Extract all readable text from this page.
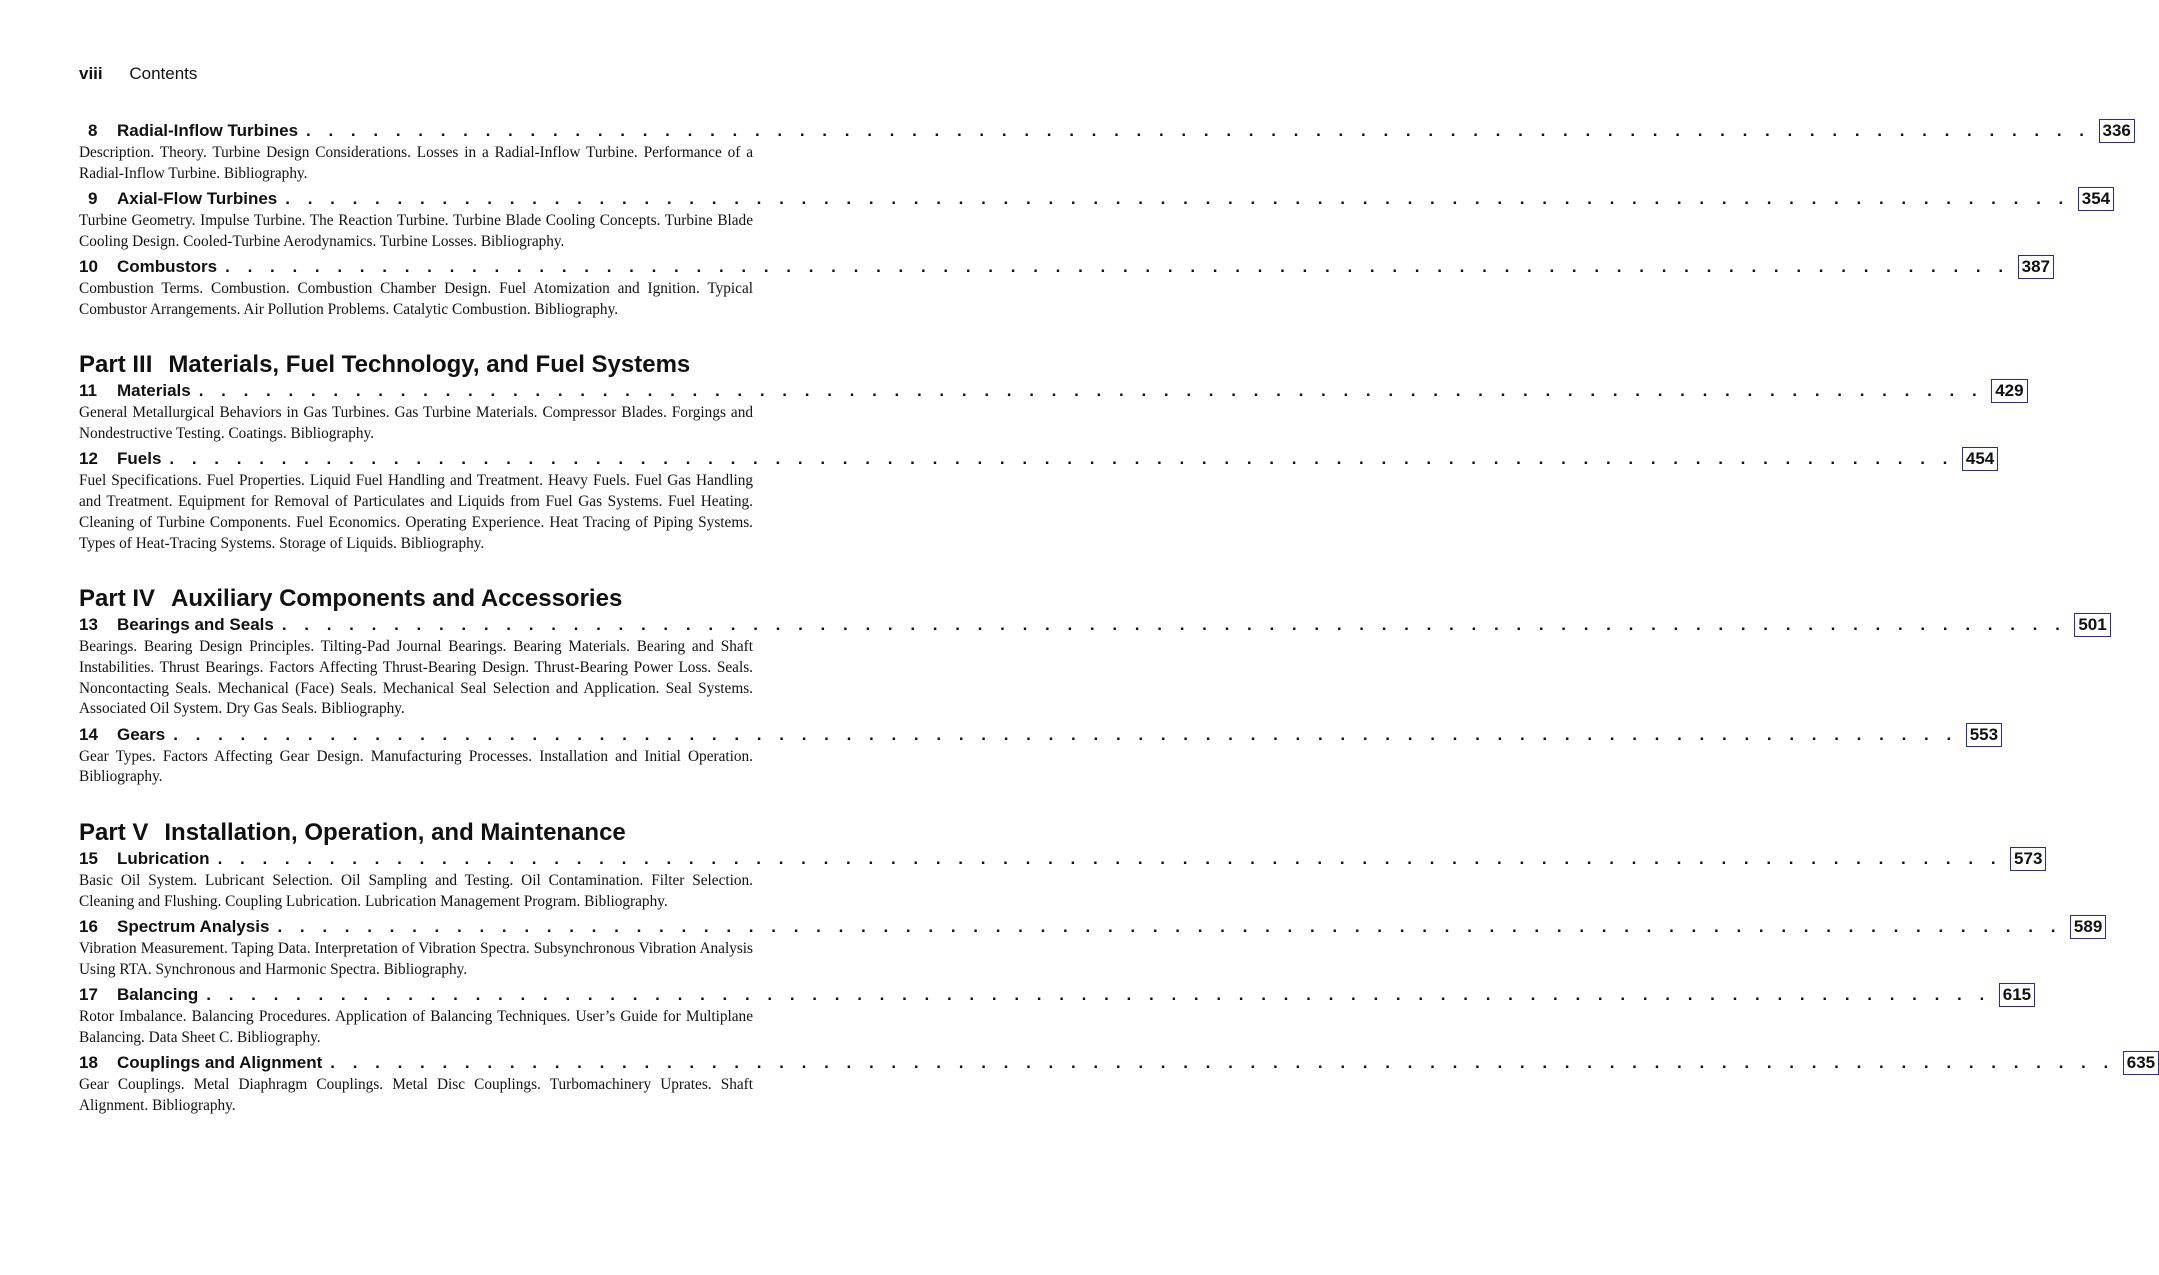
viii Contents
8	Radial-Inflow Turbines . . . . . . . . . . . . . . . . . . . . . . . . . . . . . . . . . . . . . . . . . . . . . . . . . . . . . . . . . . . . . . . . . . . . . . . . . . . . . . . . 336
Description. Theory. Turbine Design Considerations. Losses in a Radial-Inflow Turbine. Performance of a Radial-Inflow Turbine. Bibliography.
9	Axial-Flow Turbines . . . . . . . . . . . . . . . . . . . . . . . . . . . . . . . . . . . . . . . . . . . . . . . . . . . . . . . . . . . . . . . . . . . . . . . . . . . . . . . . 354
Turbine Geometry. Impulse Turbine. The Reaction Turbine. Turbine Blade Cooling Concepts. Turbine Blade Cooling Design. Cooled-Turbine Aerodynamics. Turbine Losses. Bibliography.
10	Combustors . . . . . . . . . . . . . . . . . . . . . . . . . . . . . . . . . . . . . . . . . . . . . . . . . . . . . . . . . . . . . . . . . . . . . . . . . . . . . . . . 387
Combustion Terms. Combustion. Combustion Chamber Design. Fuel Atomization and Ignition. Typical Combustor Arrangements. Air Pollution Problems. Catalytic Combustion. Bibliography.
Part III Materials, Fuel Technology, and Fuel Systems
11	Materials . . . . . . . . . . . . . . . . . . . . . . . . . . . . . . . . . . . . . . . . . . . . . . . . . . . . . . . . . . . . . . . . . . . . . . . . . . . . . . . . 429
General Metallurgical Behaviors in Gas Turbines. Gas Turbine Materials. Compressor Blades. Forgings and Nondestructive Testing. Coatings. Bibliography.
12	Fuels . . . . . . . . . . . . . . . . . . . . . . . . . . . . . . . . . . . . . . . . . . . . . . . . . . . . . . . . . . . . . . . . . . . . . . . . . . . . . . . . 454
Fuel Specifications. Fuel Properties. Liquid Fuel Handling and Treatment. Heavy Fuels. Fuel Gas Handling and Treatment. Equipment for Removal of Particulates and Liquids from Fuel Gas Systems. Fuel Heating. Cleaning of Turbine Components. Fuel Economics. Operating Experience. Heat Tracing of Piping Systems. Types of Heat-Tracing Systems. Storage of Liquids. Bibliography.
Part IV Auxiliary Components and Accessories
13	Bearings and Seals . . . . . . . . . . . . . . . . . . . . . . . . . . . . . . . . . . . . . . . . . . . . . . . . . . . . . . . . . . . . . . . . . . . . . . . . . . . . . . . . 501
Bearings. Bearing Design Principles. Tilting-Pad Journal Bearings. Bearing Materials. Bearing and Shaft Instabilities. Thrust Bearings. Factors Affecting Thrust-Bearing Design. Thrust-Bearing Power Loss. Seals. Noncontacting Seals. Mechanical (Face) Seals. Mechanical Seal Selection and Application. Seal Systems. Associated Oil System. Dry Gas Seals. Bibliography.
14	Gears . . . . . . . . . . . . . . . . . . . . . . . . . . . . . . . . . . . . . . . . . . . . . . . . . . . . . . . . . . . . . . . . . . . . . . . . . . . . . . . . 553
Gear Types. Factors Affecting Gear Design. Manufacturing Processes. Installation and Initial Operation. Bibliography.
Part V Installation, Operation, and Maintenance
15	Lubrication . . . . . . . . . . . . . . . . . . . . . . . . . . . . . . . . . . . . . . . . . . . . . . . . . . . . . . . . . . . . . . . . . . . . . . . . . . . . . . . . 573
Basic Oil System. Lubricant Selection. Oil Sampling and Testing. Oil Contamination. Filter Selection. Cleaning and Flushing. Coupling Lubrication. Lubrication Management Program. Bibliography.
16	Spectrum Analysis . . . . . . . . . . . . . . . . . . . . . . . . . . . . . . . . . . . . . . . . . . . . . . . . . . . . . . . . . . . . . . . . . . . . . . . . . . . . . . . . 589
Vibration Measurement. Taping Data. Interpretation of Vibration Spectra. Subsynchronous Vibration Analysis Using RTA. Synchronous and Harmonic Spectra. Bibliography.
17	Balancing . . . . . . . . . . . . . . . . . . . . . . . . . . . . . . . . . . . . . . . . . . . . . . . . . . . . . . . . . . . . . . . . . . . . . . . . . . . . . . . . 615
Rotor Imbalance. Balancing Procedures. Application of Balancing Techniques. User’s Guide for Multiplane Balancing. Data Sheet C. Bibliography.
18	Couplings and Alignment . . . . . . . . . . . . . . . . . . . . . . . . . . . . . . . . . . . . . . . . . . . . . . . . . . . . . . . . . . . . . . . . . . . . . . . . . . . . . . . . 635
Gear Couplings. Metal Diaphragm Couplings. Metal Disc Couplings. Turbomachinery Uprates. Shaft Alignment. Bibliography.
